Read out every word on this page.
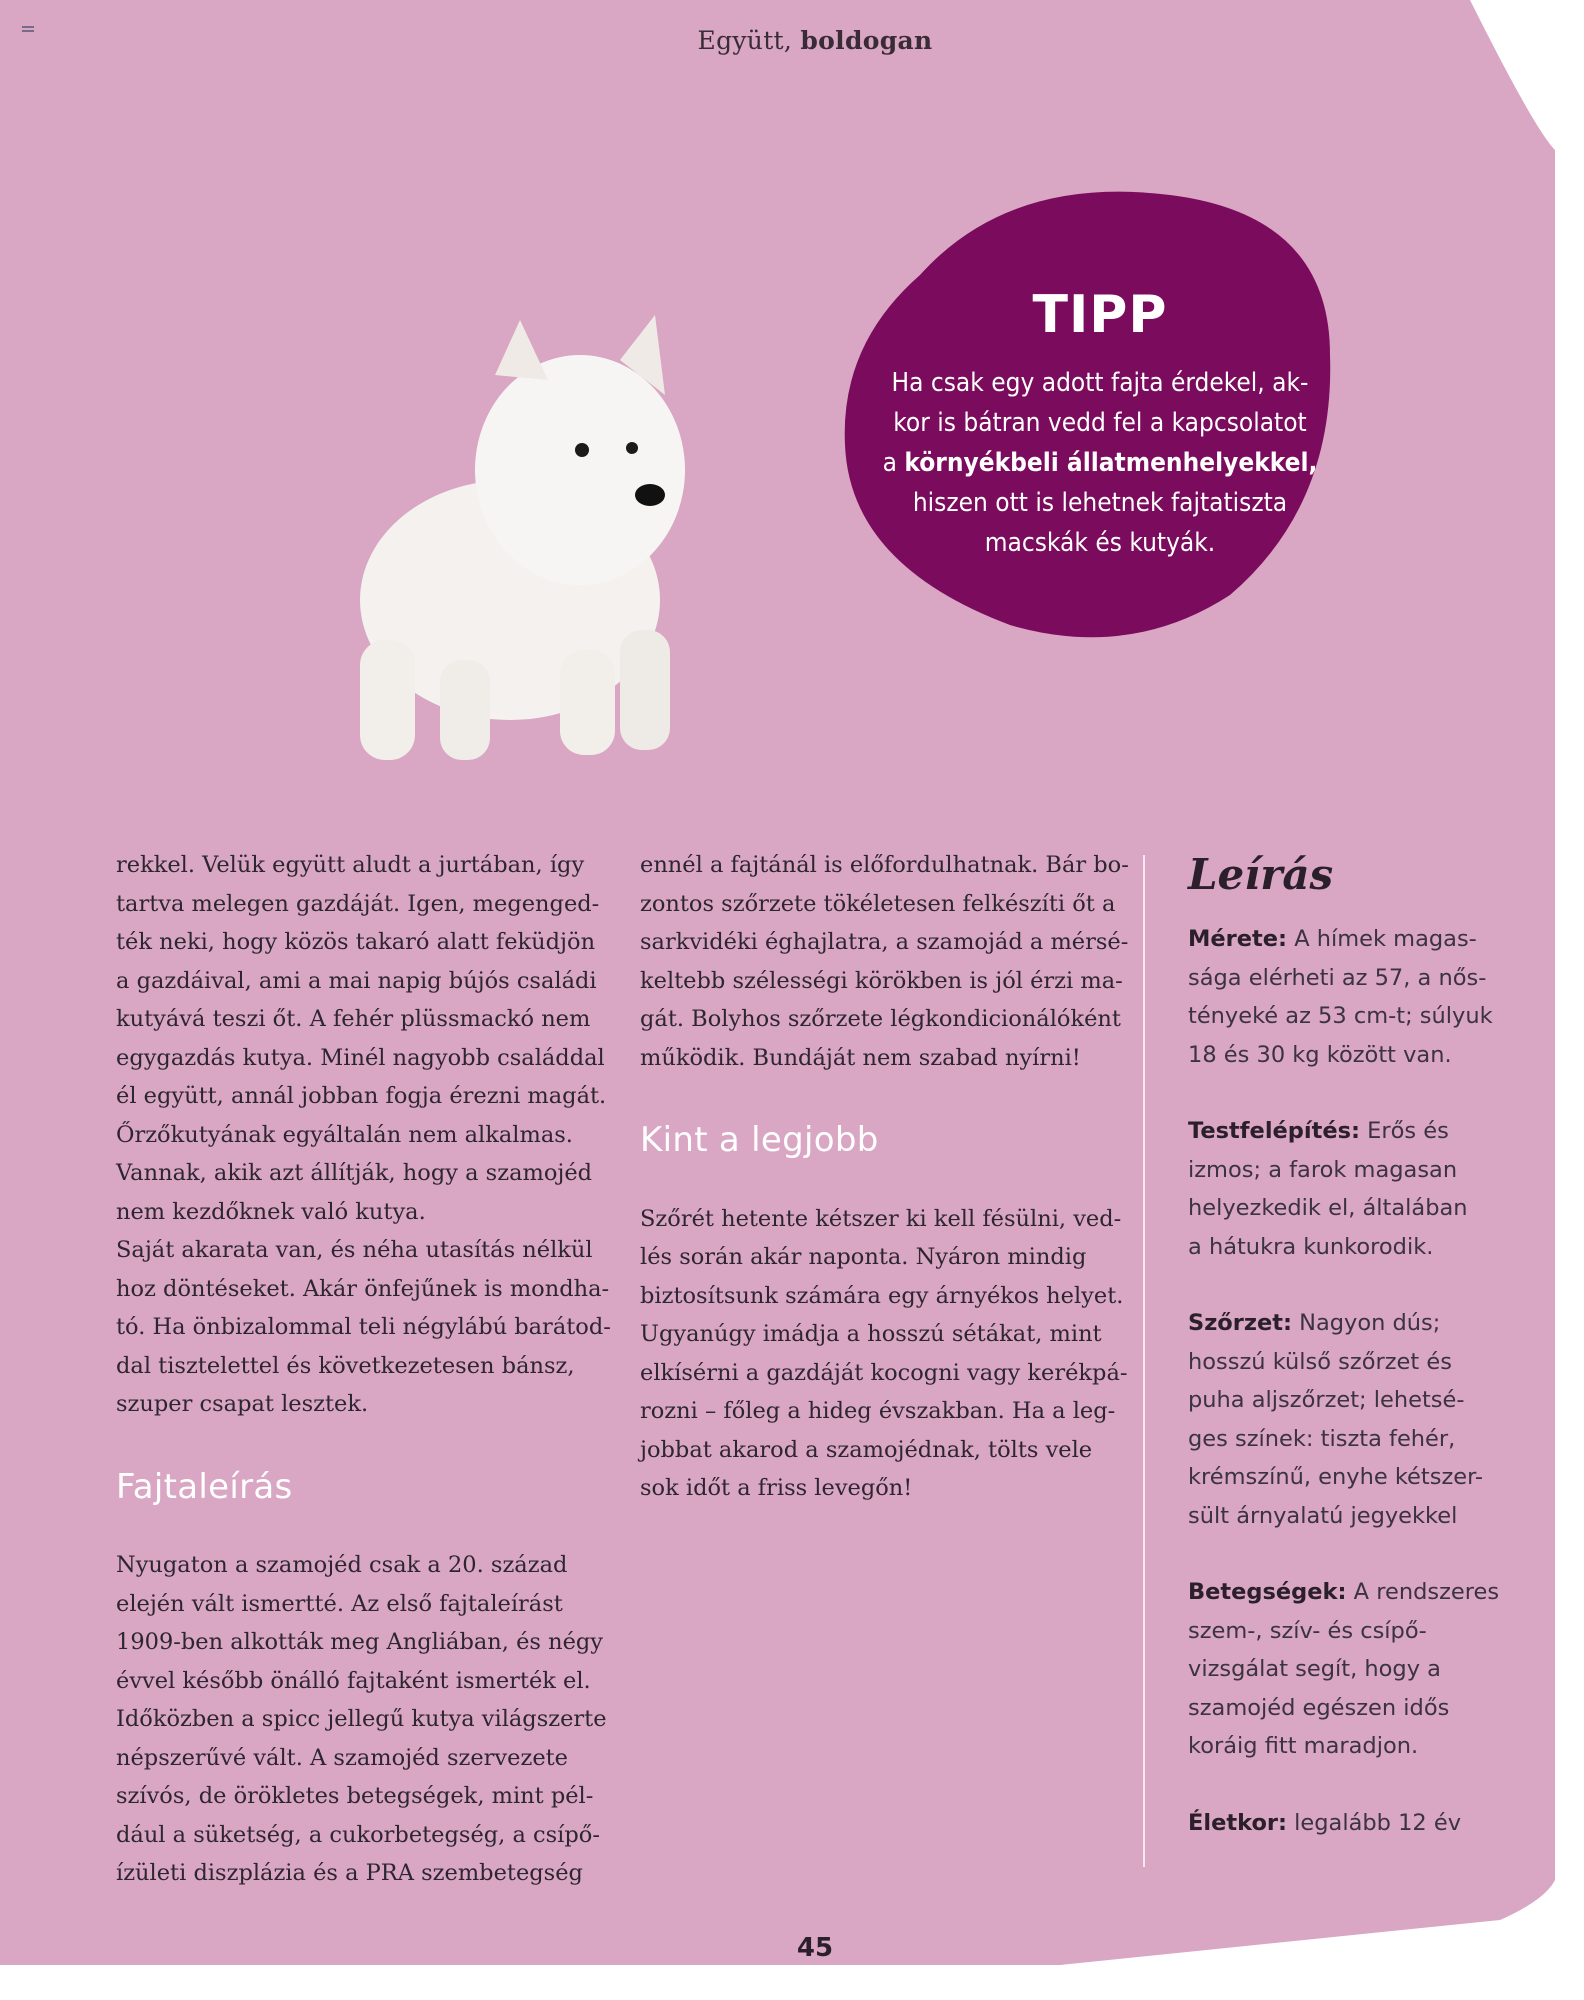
Együtt, boldogan
TIPP
Ha csak egy adott fajta érdekel, ak-
kor is bátran vedd fel a kapcsolatot
a környékbeli állatmenhelyekkel,
hiszen ott is lehetnek fajtatiszta
macskák és kutyák.

rekkel. Velük együtt aludt a jurtában, így
tartva melegen gazdáját. Igen, megenged-
ték neki, hogy közös takaró alatt feküdjön
a gazdáival, ami a mai napig bújós családi
kutyává teszi őt. A fehér plüssmackó nem
egygazdás kutya. Minél nagyobb családdal
él együtt, annál jobban fogja érezni magát.
Őrzőkutyának egyáltalán nem alkalmas.
Vannak, akik azt állítják, hogy a szamojéd
nem kezdőknek való kutya.
Saját akarata van, és néha utasítás nélkül
hoz döntéseket. Akár önfejűnek is mondha-
tó. Ha önbizalommal teli négylábú barátod-
dal tisztelettel és következetesen bánsz,
szuper csapat lesztek.

Fajtaleírás

Nyugaton a szamojéd csak a 20. század
elején vált ismertté. Az első fajtaleírást
1909-ben alkották meg Angliában, és négy
évvel később önálló fajtaként ismerték el.
Időközben a spicc jellegű kutya világszerte
népszerűvé vált. A szamojéd szervezete
szívós, de örökletes betegségek, mint pél-
dául a süketség, a cukorbetegség, a csípő-
ízületi diszplázia és a PRA szembetegség

ennél a fajtánál is előfordulhatnak. Bár bo-
zontos szőrzete tökéletesen felkészíti őt a
sarkvidéki éghajlatra, a szamojád a mérsé-
keltebb szélességi körökben is jól érzi ma-
gát. Bolyhos szőrzete légkondicionálóként
működik. Bundáját nem szabad nyírni!

Kint a legjobb

Szőrét hetente kétszer ki kell fésülni, ved-
lés során akár naponta. Nyáron mindig
biztosítsunk számára egy árnyékos helyet.
Ugyanúgy imádja a hosszú sétákat, mint
elkísérni a gazdáját kocogni vagy kerékpá-
rozni – főleg a hideg évszakban. Ha a leg-
jobbat akarod a szamojédnak, tölts vele
sok időt a friss levegőn!

Leírás
Mérete: A hímek magas-
sága elérheti az 57, a nős-
tényeké az 53 cm-t; súlyuk
18 és 30 kg között van.
Testfelépítés: Erős és
izmos; a farok magasan
helyezkedik el, általában
a hátukra kunkorodik.
Szőrzet: Nagyon dús;
hosszú külső szőrzet és
puha aljszőrzet; lehetsé-
ges színek: tiszta fehér,
krémszínű, enyhe kétszer-
sült árnyalatú jegyekkel
Betegségek: A rendszeres
szem-, szív- és csípő-
vizsgálat segít, hogy a
szamojéd egészen idős
koráig fitt maradjon.
Életkor: legalább 12 év
45
